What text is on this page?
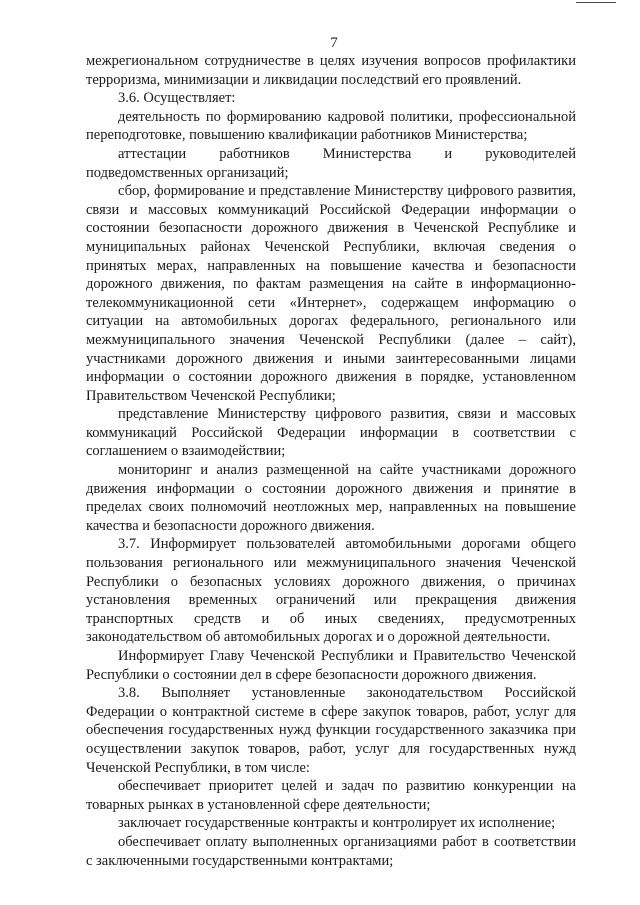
7

межрегиональном сотрудничестве в целях изучения вопросов профилактики терроризма, минимизации и ликвидации последствий его проявлений.

3.6. Осуществляет:

деятельность по формированию кадровой политики, профессиональной переподготовке, повышению квалификации работников Министерства;

аттестации работников Министерства и руководителей подведомственных организаций;

сбор, формирование и представление Министерству цифрового развития, связи и массовых коммуникаций Российской Федерации информации о состоянии безопасности дорожного движения в Чеченской Республике и муниципальных районах Чеченской Республики, включая сведения о принятых мерах, направленных на повышение качества и безопасности дорожного движения, по фактам размещения на сайте в информационно-телекоммуникационной сети «Интернет», содержащем информацию о ситуации на автомобильных дорогах федерального, регионального или межмуниципального значения Чеченской Республики (далее – сайт), участниками дорожного движения и иными заинтересованными лицами информации о состоянии дорожного движения в порядке, установленном Правительством Чеченской Республики;

представление Министерству цифрового развития, связи и массовых коммуникаций Российской Федерации информации в соответствии с соглашением о взаимодействии;

мониторинг и анализ размещенной на сайте участниками дорожного движения информации о состоянии дорожного движения и принятие в пределах своих полномочий неотложных мер, направленных на повышение качества и безопасности дорожного движения.

3.7. Информирует пользователей автомобильными дорогами общего пользования регионального или межмуниципального значения Чеченской Республики о безопасных условиях дорожного движения, о причинах установления временных ограничений или прекращения движения транспортных средств и об иных сведениях, предусмотренных законодательством об автомобильных дорогах и о дорожной деятельности.

Информирует Главу Чеченской Республики и Правительство Чеченской Республики о состоянии дел в сфере безопасности дорожного движения.

3.8. Выполняет установленные законодательством Российской Федерации о контрактной системе в сфере закупок товаров, работ, услуг для обеспечения государственных нужд функции государственного заказчика при осуществлении закупок товаров, работ, услуг для государственных нужд Чеченской Республики, в том числе:

обеспечивает приоритет целей и задач по развитию конкуренции на товарных рынках в установленной сфере деятельности;

заключает государственные контракты и контролирует их исполнение;

обеспечивает оплату выполненных организациями работ в соответствии с заключенными государственными контрактами;
